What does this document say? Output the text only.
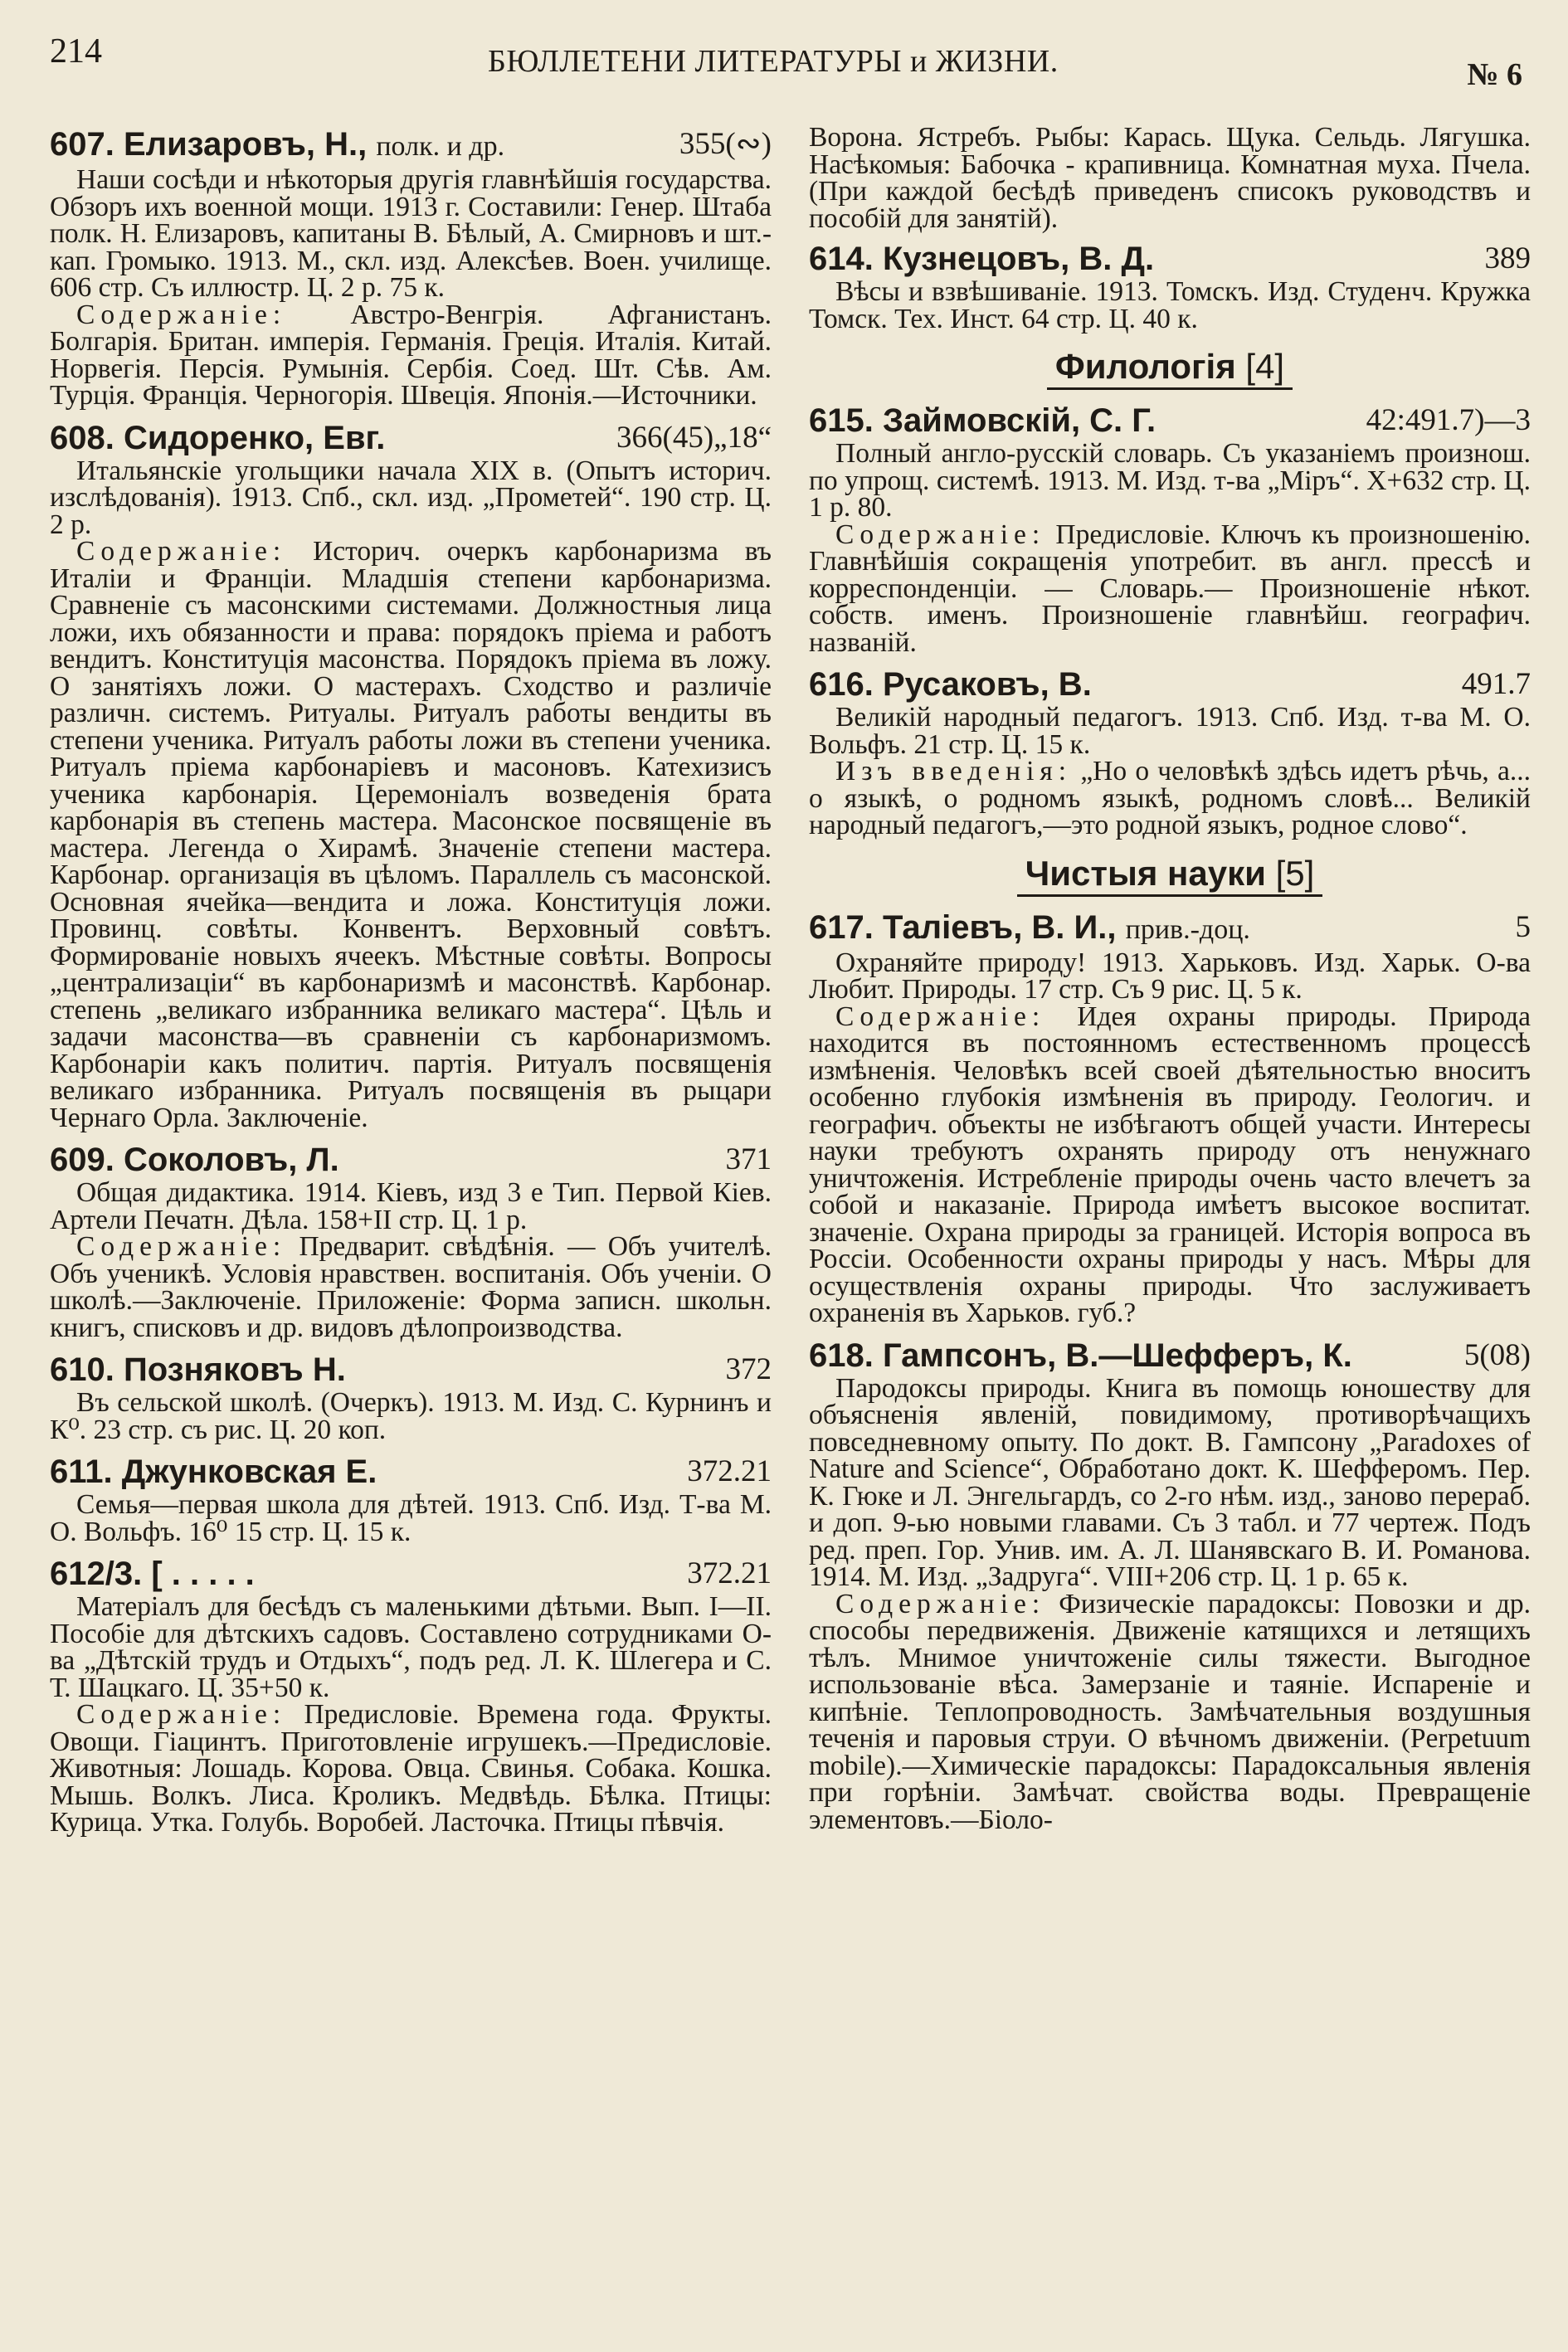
214	БЮЛЛЕТЕНИ ЛИТЕРАТУРЫ и ЖИЗНИ.	№ 6
607. Елизаровъ, Н., полк. и др.	355(∾)

Наши сосѣди и нѣкоторыя другія главнѣйшія государства. Обзоръ ихъ военной мощи. 1913 г. Составили: Генер. Штаба полк. Н. Елизаровъ, капитаны В. Бѣлый, А. Смирновъ и шт.-кап. Громыко. 1913. М., скл. изд. Алексѣев. Воен. училище. 606 стр. Съ иллюстр. Ц. 2 р. 75 к.

Содержаніе: Австро-Венгрія. Афганистанъ. Болгарія. Британ. имперія. Германія. Греція. Италія. Китай. Норвегія. Персія. Румынія. Сербія. Соед. Шт. Сѣв. Ам. Турція. Франція. Черногорія. Швеція. Японія.—Источники.

608. Сидоренко, Евг.	366(45)„18“

Итальянскіе угольщики начала XIX в. (Опытъ историч. изслѣдованія). 1913. Спб., скл. изд. „Прометей“. 190 стр. Ц. 2 р.

Содержаніе: Историч. очеркъ карбонаризма въ Италіи и Франціи. Младшія степени карбонаризма. Сравненіе съ масонскими системами. Должностныя лица ложи, ихъ обязанности и права: порядокъ пріема и работъ вендитъ. Конституція масонства. Порядокъ пріема въ ложу. О занятіяхъ ложи. О мастерахъ. Сходство и различіе различн. системъ. Ритуалы. Ритуалъ работы вендиты въ степени ученика. Ритуалъ работы ложи въ степени ученика. Ритуалъ пріема карбонаріевъ и масоновъ. Катехизисъ ученика карбонарія. Церемоніалъ возведенія брата карбонарія въ степень мастера. Масонское посвященіе въ мастера. Легенда о Хирамѣ. Значеніе степени мастера. Карбонар. организація въ цѣломъ. Параллель съ масонской. Основная ячейка—вендита и ложа. Конституція ложи. Провинц. совѣты. Конвентъ. Верховный совѣтъ. Формированіе новыхъ ячеекъ. Мѣстные совѣты. Вопросы „централизаціи“ въ карбонаризмѣ и масонствѣ. Карбонар. степень „великаго избранника великаго мастера“. Цѣль и задачи масонства—въ сравненіи съ карбонаризмомъ. Карбонаріи какъ политич. партія. Ритуалъ посвященія великаго избранника. Ритуалъ посвященія въ рыцари Чернаго Орла. Заключеніе.

609. Соколовъ, Л.	371

Общая дидактика. 1914. Кіевъ, изд 3 е Тип. Первой Кіев. Артели Печатн. Дѣла. 158+II стр. Ц. 1 р.

Содержаніе: Предварит. свѣдѣнія. — Объ учителѣ. Объ ученикѣ. Условія нравствен. воспитанія. Объ ученіи. О школѣ.—Заключеніе. Приложеніе: Форма записн. школьн. книгъ, списковъ и др. видовъ дѣлопроизводства.

610. Позняковъ Н.	372

Въ сельской школѣ. (Очеркъ). 1913. М. Изд. С. Курнинъ и К⁰. 23 стр. съ рис. Ц. 20 коп.

611. Джунковская Е.	372.21

Семья—первая школа для дѣтей. 1913. Спб. Изд. Т-ва М. О. Вольфъ. 16⁰ 15 стр. Ц. 15 к.

612/3. [ . . . . .	372.21

Матеріалъ для бесѣдъ съ маленькими дѣтьми. Вып. I—II. Пособіе для дѣтскихъ садовъ. Составлено сотрудниками О-ва „Дѣтскій трудъ и Отдыхъ“, подъ ред. Л. К. Шлегера и С. Т. Шацкаго. Ц. 35+50 к.

Содержаніе: Предисловіе. Времена года. Фрукты. Овощи. Гіацинтъ. Приготовленіе игрушекъ.—Предисловіе. Животныя: Лошадь. Корова. Овца. Свинья. Собака. Кошка. Мышь. Волкъ. Лиса. Кроликъ. Медвѣдь. Бѣлка. Птицы: Курица. Утка. Голубь. Воробей. Ласточка. Птицы пѣвчія.

Ворона. Ястребъ. Рыбы: Карась. Щука. Сельдь. Лягушка. Насѣкомыя: Бабочка - крапивница. Комнатная муха. Пчела. (При каждой бесѣдѣ приведенъ списокъ руководствъ и пособій для занятій).

614. Кузнецовъ, В. Д.	389

Вѣсы и взвѣшиваніе. 1913. Томскъ. Изд. Студенч. Кружка Томск. Тех. Инст. 64 стр. Ц. 40 к.

Филологія [4]
615. Займовскій, С. Г.	42:491.7)—3

Полный англо-русскій словарь. Съ указаніемъ произнош. по упрощ. системѣ. 1913. М. Изд. т-ва „Міръ“. X+632 стр. Ц. 1 р. 80.

Содержаніе: Предисловіе. Ключъ къ произношенію. Главнѣйшія сокращенія употребит. въ англ. прессѣ и корреспонденціи. — Словарь.— Произношеніе нѣкот. собств. именъ. Произношеніе главнѣйш. географич. названій.

616. Русаковъ, В.	491.7

Великій народный педагогъ. 1913. Спб. Изд. т-ва М. О. Вольфъ. 21 стр. Ц. 15 к.

Изъ введенія: „Но о человѣкѣ здѣсь идетъ рѣчь, а... о языкѣ, о родномъ языкѣ, родномъ словѣ... Великій народный педагогъ,—это родной языкъ, родное слово“.

Чистыя науки [5]
617. Таліевъ, В. И., прив.-доц.	5

Охраняйте природу! 1913. Харьковъ. Изд. Харьк. О-ва Любит. Природы. 17 стр. Съ 9 рис. Ц. 5 к.

Содержаніе: Идея охраны природы. Природа находится въ постоянномъ естественномъ процессѣ измѣненія. Человѣкъ всей своей дѣятельностью вноситъ особенно глубокія измѣненія въ природу. Геологич. и географич. объекты не избѣгаютъ общей участи. Интересы науки требуютъ охранять природу отъ ненужнаго уничтоженія. Истребленіе природы очень часто влечетъ за собой и наказаніе. Природа имѣетъ высокое воспитат. значеніе. Охрана природы за границей. Исторія вопроса въ Россіи. Особенности охраны природы у насъ. Мѣры для осуществленія охраны природы. Что заслуживаетъ охраненія въ Харьков. губ.?

618. Гампсонъ, В.—Шефферъ, К.	5(08)

Пародоксы природы. Книга въ помощь юношеству для объясненія явленій, повидимому, противорѣчащихъ повседневному опыту. По докт. В. Гампсону „Paradoxes of Nature and Science“, Обработано докт. К. Шефферомъ. Пер. К. Гюке и Л. Энгельгардъ, со 2-го нѣм. изд., заново перераб. и доп. 9-ью новыми главами. Съ 3 табл. и 77 чертеж. Подъ ред. преп. Гор. Унив. им. А. Л. Шанявскаго В. И. Романова. 1914. М. Изд. „Задруга“. VIII+206 стр. Ц. 1 р. 65 к.

Содержаніе: Физическіе парадоксы: Повозки и др. способы передвиженія. Движеніе катящихся и летящихъ тѣлъ. Мнимое уничтоженіе силы тяжести. Выгодное использованіе вѣса. Замерзаніе и таяніе. Испареніе и кипѣніе. Теплопроводность. Замѣчательныя воздушныя теченія и паровыя струи. О вѣчномъ движеніи. (Perpetuum mobile).—Химическіе парадоксы: Парадоксальныя явленія при горѣніи. Замѣчат. свойства воды. Превращеніе элементовъ.—Біоло-
